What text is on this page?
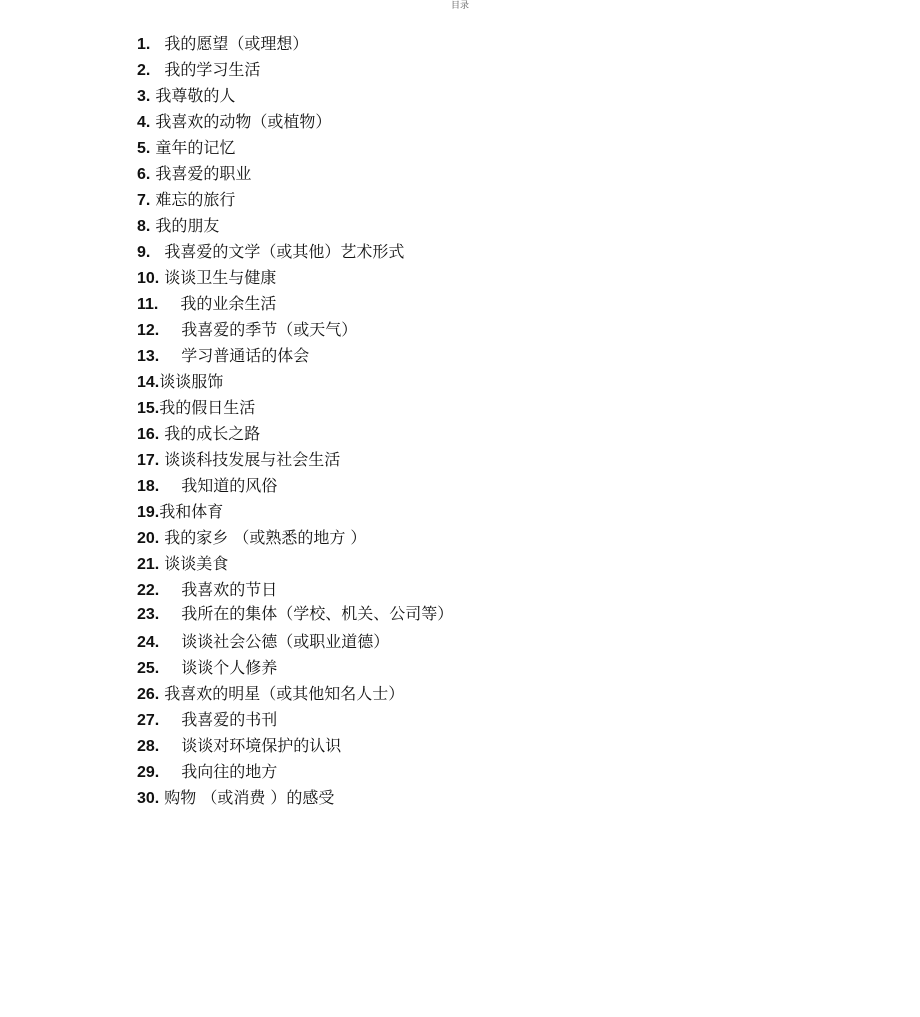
目录
1. 我的愿望（或理想）
2. 我的学习生活
3. 我尊敬的人
4. 我喜欢的动物（或植物）
5. 童年的记忆
6. 我喜爱的职业
7. 难忘的旅行
8. 我的朋友
9. 我喜爱的文学（或其他）艺术形式
10. 谈谈卫生与健康
11. 我的业余生活
12. 我喜爱的季节（或天气）
13. 学习普通话的体会
14.谈谈服饰
15.我的假日生活
16. 我的成长之路
17. 谈谈科技发展与社会生活
18. 我知道的风俗
19.我和体育
20. 我的家乡 （或熟悉的地方 ）
21. 谈谈美食
22. 我喜欢的节日
23. 我所在的集体（学校、机关、公司等）
24. 谈谈社会公德（或职业道德）
25. 谈谈个人修养
26. 我喜欢的明星（或其他知名人士）
27. 我喜爱的书刊
28. 谈谈对环境保护的认识
29. 我向往的地方
30. 购物 （或消费 ）的感受
